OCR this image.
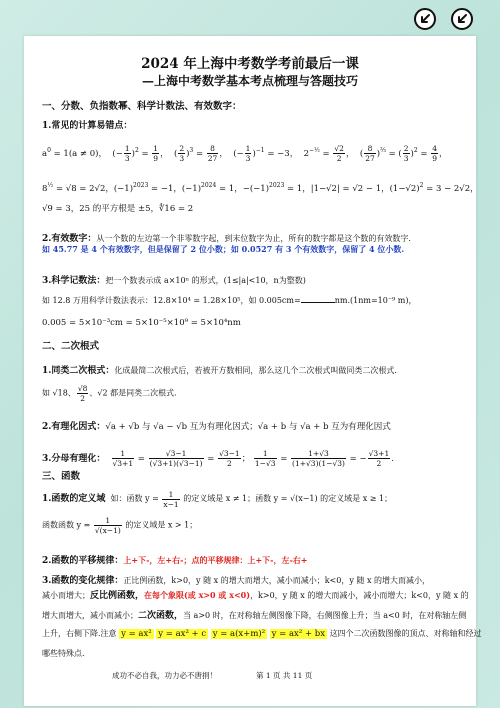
2024 年上海中考数学考前最后一课
—上海中考数学基本考点梳理与答题技巧
一、分数、负指数幂、科学计数法、有效数字：
1.常见的计算易错点：
$a^0 = 1(a \ne 0)$，  (− $\frac{1}{3} )^2 = \frac{1}{9}$ ，  ( $\frac{2}{3} )^3 = \frac{8}{27}$ ，  (− $\frac{1}{3} )^{-1} = -3$，  $2^{-\frac{1}{2}} = \frac{√2}{2}$ ，  ( $\frac{8}{27} )^{\frac{2}{3}}$ = ( $\frac{2}{3} )^2 = \frac{4}{9}$ ，
$8^{\frac{1}{2}} = √8 = 2√2$，$(-1)^{2023} = -1$，$(-1)^{2024} = 1$，$-(-1)^{2023} = 1$，|1−√2| = √2 − 1，$(1-√2)^2 = 3 - 2√2$，
√9 = 3，25 的平方根是 ±5，∜16 = 2
2.有效数字：从一个数的左边第一个非零数字起，到末位数字为止，所有的数字都是这个数的有效数字.
如 45.77 是 4 个有效数字，但是保留了 2 位小数；如 0.0527 有 3 个有效数字，保留了 4 位小数.
3.科学记数法：把一个数表示成 a×10ⁿ 的形式，(1≤|a|<10，n为整数)
如 12.8 万用科学计数法表示：12.8×10⁴ = 1.28×10⁵，如 0.005cm=	nm.(1nm=10⁻⁹ m)，
0.005 = 5×10⁻³cm = 5×10⁻⁵×10⁹ = 5×10⁴nm
二、二次根式
1.同类二次根式：化成最简二次根式后，若被开方数相同，那么这几个二次根式叫做同类二次根式.
如 √18、 $\frac{√8}{2}$ 、√2 都是同类二次根式.
2.有理化因式：√a + √b 与 √a − √b 互为有理化因式；√a + b 与 √a + b 互为有理化因式
3.分母有理化： $\frac{1}{√3+1} = \frac{√3-1}{(√3+1)(√3-1)} = \frac{√3-1}{2}$ ； $\frac{1}{1-√3} = \frac{1+√3}{(1+√3)(1-√3)}$ = − $\frac{√3+1}{2}$ .
三、函数
1.函数的定义域 如：函数 $y = \frac{1}{x-1}$ 的定义域是 x ≠ 1；函数 y = √(x−1) 的定义域是 x ≥ 1；
函数函数 $y = \frac{1}{√(x-1)}$ 的定义域是 x > 1；
2.函数的平移规律：上+下-，左+右-；点的平移规律：上+下-，左-右+
3.函数的变化规律：正比例函数，k>0，y 随 x 的增大而增大，减小而减小；k<0，y 随 x 的增大而减小，
减小而增大；反比例函数，在每个象限(或 x>0 或 x<0)，k>0，y 随 x 的增大而减小，减小而增大；k<0，y 随 x 的
增大而增大，减小而减小；二次函数，当 a>0 时，在对称轴左侧图像下降，右侧图像上升；当 a<0 时，在对称轴左侧
上升，右侧下降.注意 y = ax² y = ax² + c y = a(x+m)² y = ax² + bx 这四个二次函数图像的顶点、对称轴和经过
哪些特殊点.
成功不必自我，功力必不唐捐！	第 1 页 共 11 页
